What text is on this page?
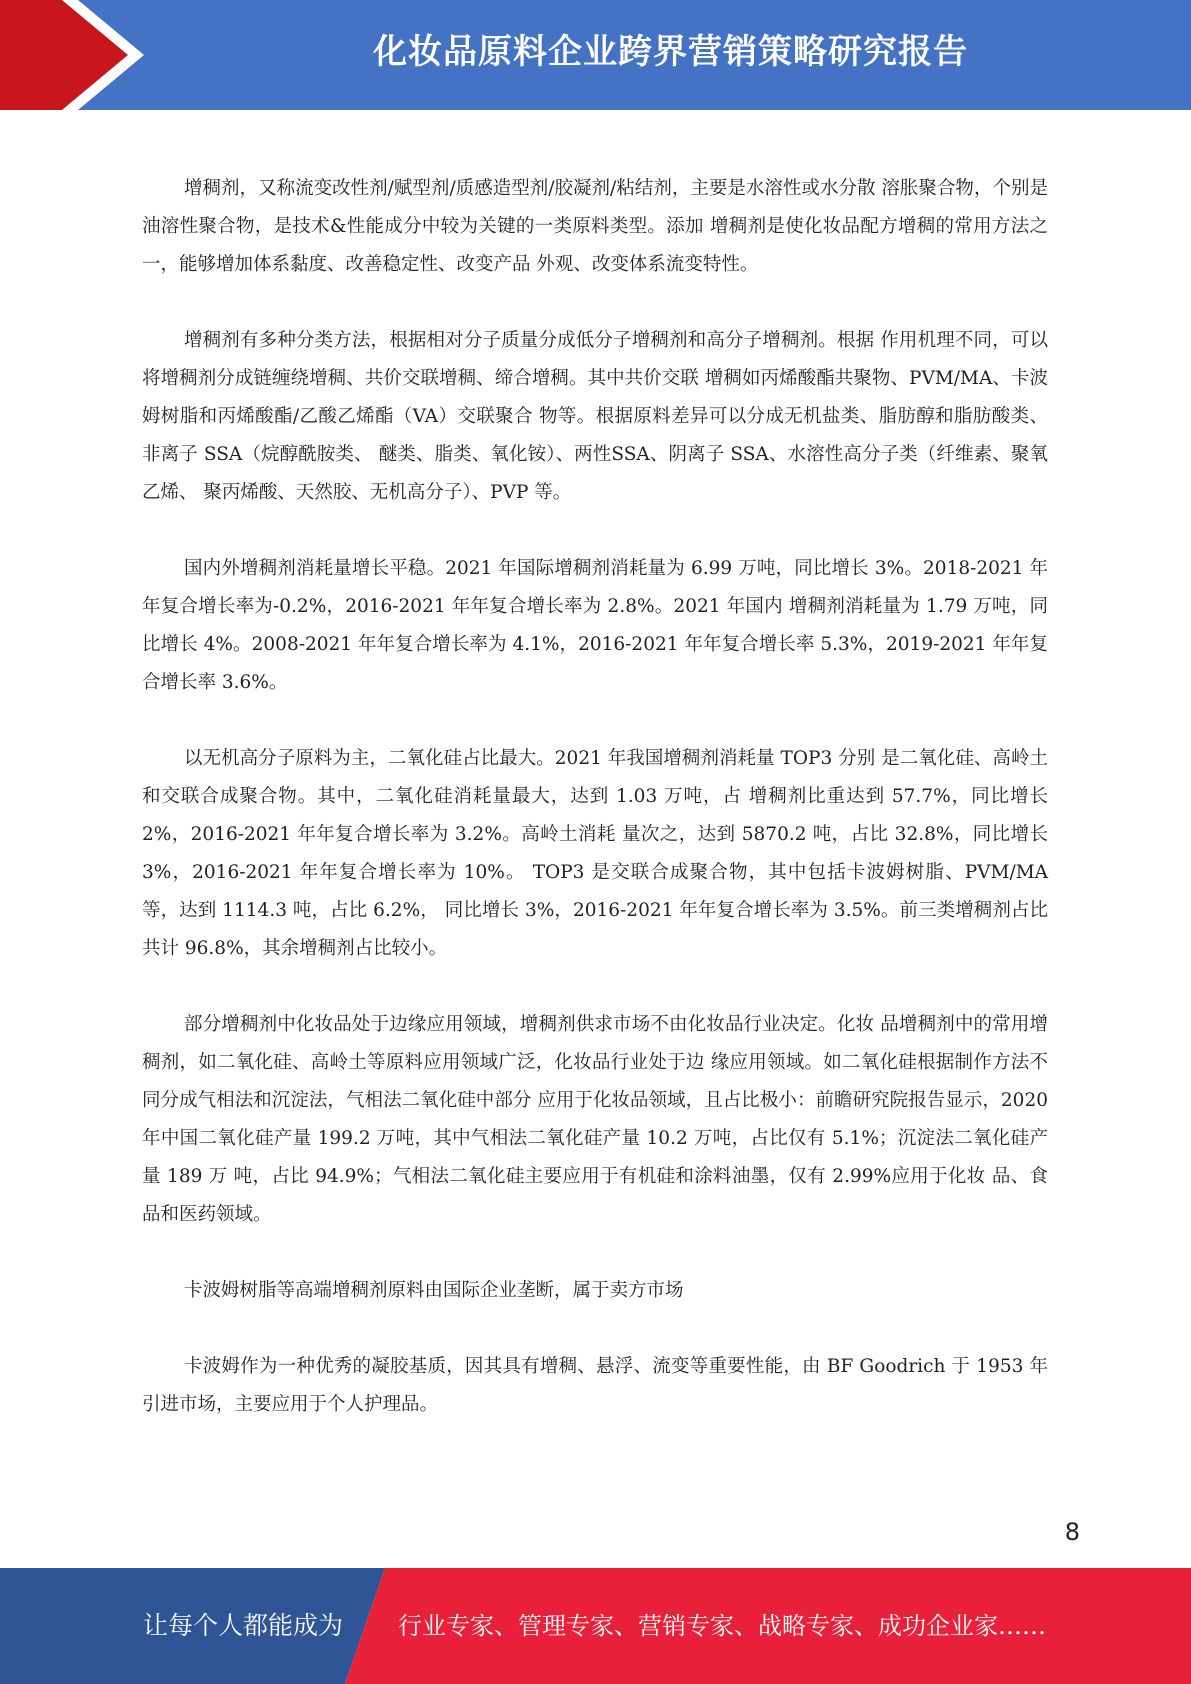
化妆品原料企业跨界营销策略研究报告

增稠剂，又称流变改性剂/赋型剂/质感造型剂/胶凝剂/粘结剂，主要是水溶性或水分散 溶胀聚合物，个别是油溶性聚合物，是技术&性能成分中较为关键的一类原料类型。添加 增稠剂是使化妆品配方增稠的常用方法之一，能够增加体系黏度、改善稳定性、改变产品 外观、改变体系流变特性。

增稠剂有多种分类方法，根据相对分子质量分成低分子增稠剂和高分子增稠剂。根据 作用机理不同，可以将增稠剂分成链缠绕增稠、共价交联增稠、缔合增稠。其中共价交联 增稠如丙烯酸酯共聚物、PVM/MA、卡波姆树脂和丙烯酸酯/乙酸乙烯酯（VA）交联聚合 物等。根据原料差异可以分成无机盐类、脂肪醇和脂肪酸类、非离子 SSA（烷醇酰胺类、 醚类、脂类、氧化铵）、两性SSA、阴离子 SSA、水溶性高分子类（纤维素、聚氧乙烯、 聚丙烯酸、天然胶、无机高分子）、PVP 等。

国内外增稠剂消耗量增长平稳。2021 年国际增稠剂消耗量为 6.99 万吨，同比增长 3%。2018-2021 年年复合增长率为-0.2%，2016-2021 年年复合增长率为 2.8%。2021 年国内 增稠剂消耗量为 1.79 万吨，同比增长 4%。2008-2021 年年复合增长率为 4.1%，2016-2021 年年复合增长率 5.3%，2019-2021 年年复合增长率 3.6%。

以无机高分子原料为主，二氧化硅占比最大。2021 年我国增稠剂消耗量 TOP3 分别 是二氧化硅、高岭土和交联合成聚合物。其中，二氧化硅消耗量最大，达到 1.03 万吨，占 增稠剂比重达到 57.7%，同比增长 2%，2016-2021 年年复合增长率为 3.2%。高岭土消耗 量次之，达到 5870.2 吨，占比 32.8%，同比增长 3%，2016-2021 年年复合增长率为 10%。 TOP3 是交联合成聚合物，其中包括卡波姆树脂、PVM/MA 等，达到 1114.3 吨，占比 6.2%， 同比增长 3%，2016-2021 年年复合增长率为 3.5%。前三类增稠剂占比共计 96.8%，其余增稠剂占比较小。

部分增稠剂中化妆品处于边缘应用领域，增稠剂供求市场不由化妆品行业决定。化妆 品增稠剂中的常用增稠剂，如二氧化硅、高岭土等原料应用领域广泛，化妆品行业处于边 缘应用领域。如二氧化硅根据制作方法不同分成气相法和沉淀法，气相法二氧化硅中部分 应用于化妆品领域，且占比极小：前瞻研究院报告显示，2020 年中国二氧化硅产量 199.2 万吨，其中气相法二氧化硅产量 10.2 万吨，占比仅有 5.1%；沉淀法二氧化硅产量 189 万 吨，占比 94.9%；气相法二氧化硅主要应用于有机硅和涂料油墨，仅有 2.99%应用于化妆 品、食品和医药领域。

卡波姆树脂等高端增稠剂原料由国际企业垄断，属于卖方市场

卡波姆作为一种优秀的凝胶基质，因其具有增稠、悬浮、流变等重要性能，由 BF Goodrich 于 1953 年引进市场，主要应用于个人护理品。

8
让每个人都能成为 行业专家、管理专家、营销专家、战略专家、成功企业家……
